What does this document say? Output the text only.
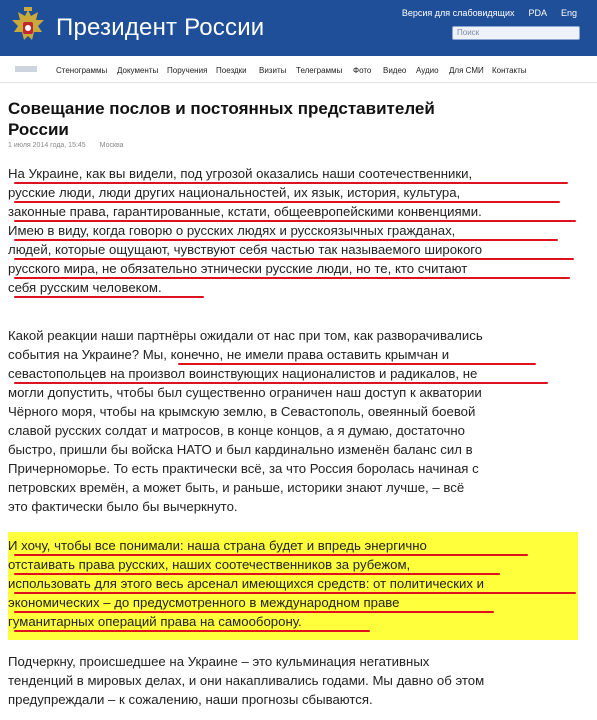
Президент России
Версия для слабовидящих PDA Eng
Поиск
Стенограммы Документы Поручения Поездки Визиты Телеграммы Фото Видео Аудио Для СМИ Контакты
Совещание послов и постоянных представителей
России
1 июля 2014 года, 15:45 Москва
На Украине, как вы видели, под угрозой оказались наши соотечественники,
русские люди, люди других национальностей, их язык, история, культура,
законные права, гарантированные, кстати, общеевропейскими конвенциями.
Имею в виду, когда говорю о русских людях и русскоязычных гражданах,
людей, которые ощущают, чувствуют себя частью так называемого широкого
русского мира, не обязательно этнически русские люди, но те, кто считают
себя русским человеком.
Какой реакции наши партнёры ожидали от нас при том, как разворачивались
события на Украине? Мы, конечно, не имели права оставить крымчан и
севастопольцев на произвол воинствующих националистов и радикалов, не
могли допустить, чтобы был существенно ограничен наш доступ к акватории
Чёрного моря, чтобы на крымскую землю, в Севастополь, овеянный боевой
славой русских солдат и матросов, в конце концов, а я думаю, достаточно
быстро, пришли бы войска НАТО и был кардинально изменён баланс сил в
Причерноморье. То есть практически всё, за что Россия боролась начиная с
петровских времён, а может быть, и раньше, историки знают лучше, – всё
это фактически было бы вычеркнуто.
И хочу, чтобы все понимали: наша страна будет и впредь энергично
отстаивать права русских, наших соотечественников за рубежом,
использовать для этого весь арсенал имеющихся средств: от политических и
экономических – до предусмотренного в международном праве
гуманитарных операций права на самооборону.
Подчеркну, происшедшее на Украине – это кульминация негативных
тенденций в мировых делах, и они накапливались годами. Мы давно об этом
предупреждали – к сожалению, наши прогнозы сбываются.
